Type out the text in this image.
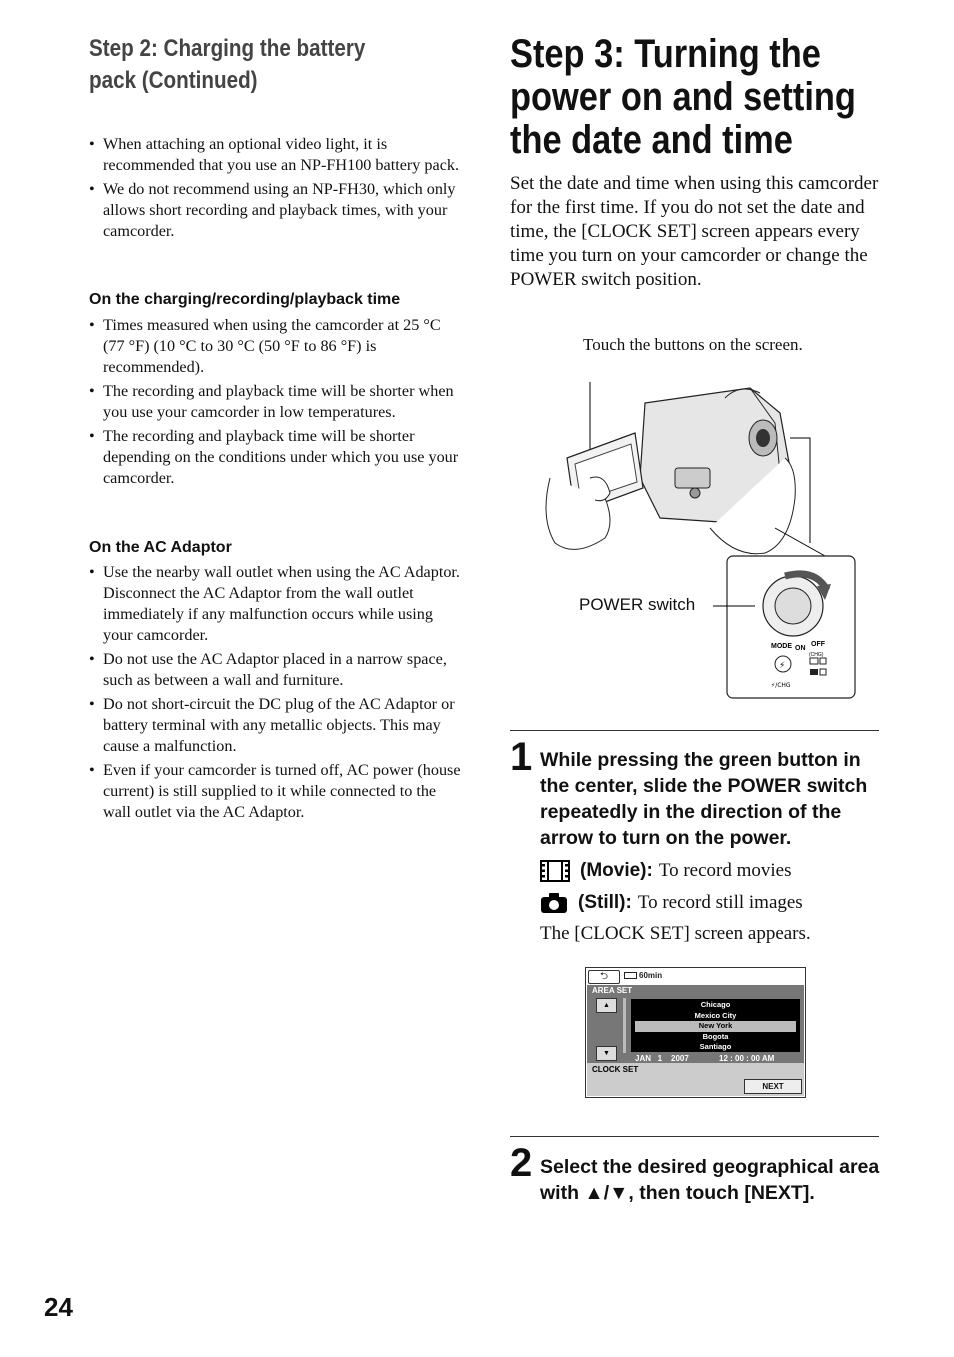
Step 2: Charging the battery pack (Continued)
• When attaching an optional video light, it is recommended that you use an NP-FH100 battery pack.
• We do not recommend using an NP-FH30, which only allows short recording and playback times, with your camcorder.
On the charging/recording/playback time
• Times measured when using the camcorder at 25 °C (77 °F) (10 °C to 30 °C (50 °F to 86 °F) is recommended).
• The recording and playback time will be shorter when you use your camcorder in low temperatures.
• The recording and playback time will be shorter depending on the conditions under which you use your camcorder.
On the AC Adaptor
• Use the nearby wall outlet when using the AC Adaptor. Disconnect the AC Adaptor from the wall outlet immediately if any malfunction occurs while using your camcorder.
• Do not use the AC Adaptor placed in a narrow space, such as between a wall and furniture.
• Do not short-circuit the DC plug of the AC Adaptor or battery terminal with any metallic objects. This may cause a malfunction.
• Even if your camcorder is turned off, AC power (house current) is still supplied to it while connected to the wall outlet via the AC Adaptor.
Step 3: Turning the power on and setting the date and time
Set the date and time when using this camcorder for the first time. If you do not set the date and time, the [CLOCK SET] screen appears every time you turn on your camcorder or change the POWER switch position.
Touch the buttons on the screen.
MODE ON
OFF
(CHG)
⚡
⚡/CHG
POWER switch
1 While pressing the green button in the center, slide the POWER switch repeatedly in the direction of the arrow to turn on the power.
(Movie): To record movies
(Still): To record still images
The [CLOCK SET] screen appears.
⮌	60min
AREA SET
▲
▼
Chicago
Mexico City
New York
Bogota
Santiago
JAN   1    2007	12 : 00 : 00 AM
CLOCK SET
NEXT
2 Select the desired geographical area with ▲/▼, then touch [NEXT].
24
